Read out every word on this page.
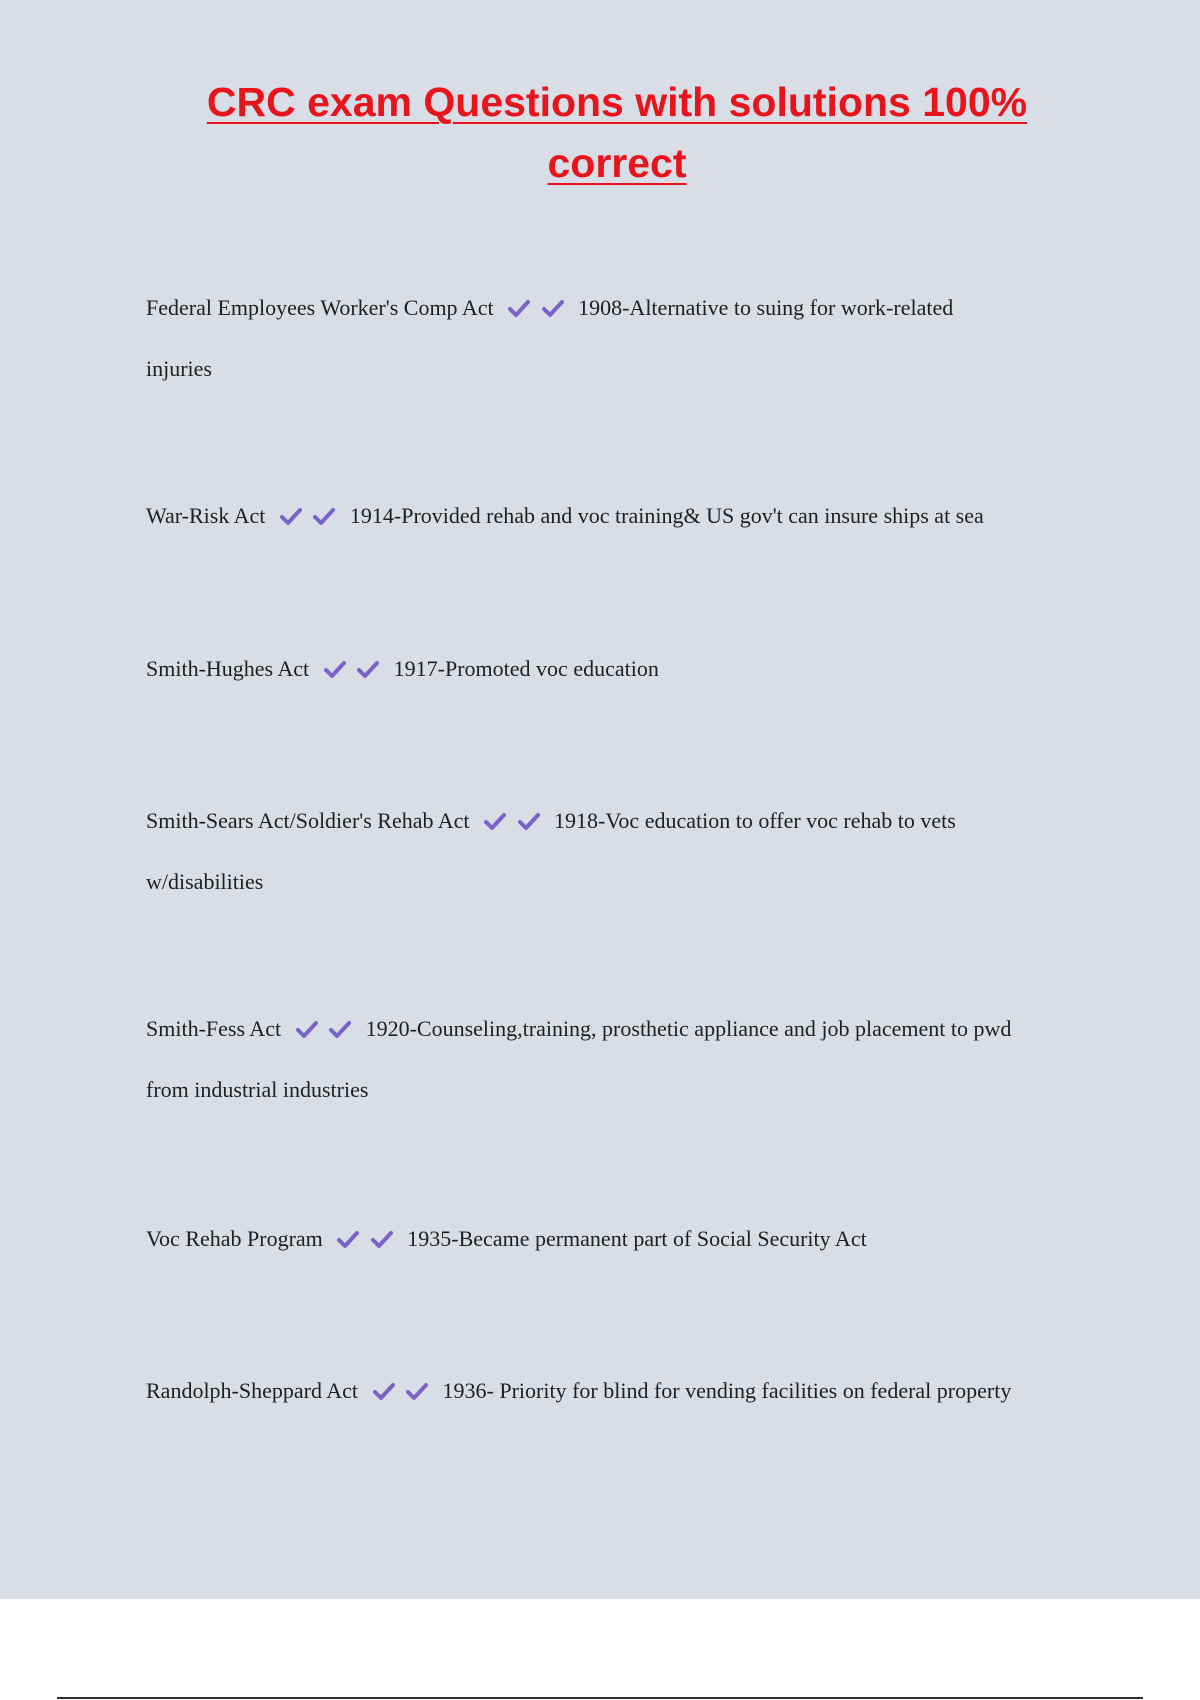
CRC exam Questions with solutions 100%
correct
Federal Employees Worker's Comp Act
	1908-Alternative to suing for work-related
injuries
War-Risk Act
	1914-Provided rehab and voc training& US gov't can insure ships at sea
Smith-Hughes Act
	1917-Promoted voc education
Smith-Sears Act/Soldier's Rehab Act
	1918-Voc education to offer voc rehab to vets
w/disabilities
Smith-Fess Act
	1920-Counseling,training, prosthetic appliance and job placement to pwd
from industrial industries
Voc Rehab Program
	1935-Became permanent part of Social Security Act
Randolph-Sheppard Act
	1936- Priority for blind for vending facilities on federal property
